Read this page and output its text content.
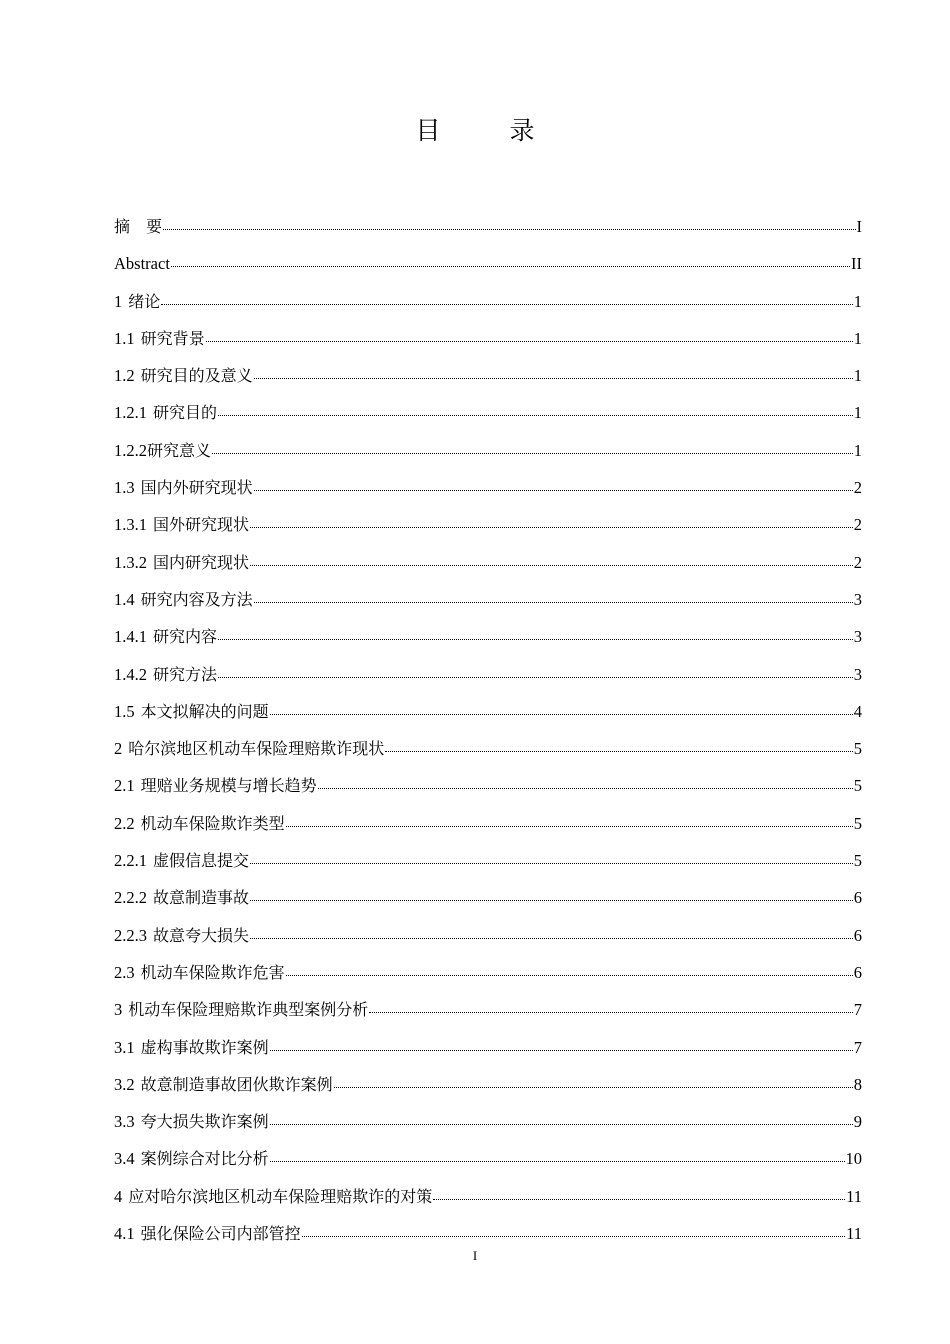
目　录
摘　要	I
Abstract	II
1 绪论	1
1.1 研究背景	1
1.2 研究目的及意义	1
1.2.1 研究目的	1
1.2.2 研究意义	1
1.3 国内外研究现状	2
1.3.1 国外研究现状	2
1.3.2 国内研究现状	2
1.4 研究内容及方法	3
1.4.1 研究内容	3
1.4.2 研究方法	3
1.5 本文拟解决的问题	4
2 哈尔滨地区机动车保险理赔欺诈现状	5
2.1 理赔业务规模与增长趋势	5
2.2 机动车保险欺诈类型	5
2.2.1 虚假信息提交	5
2.2.2 故意制造事故	6
2.2.3 故意夸大损失	6
2.3 机动车保险欺诈危害	6
3 机动车保险理赔欺诈典型案例分析	7
3.1 虚构事故欺诈案例	7
3.2 故意制造事故团伙欺诈案例	8
3.3 夸大损失欺诈案例	9
3.4 案例综合对比分析	10
4 应对哈尔滨地区机动车保险理赔欺诈的对策	11
4.1 强化保险公司内部管控	11
I
